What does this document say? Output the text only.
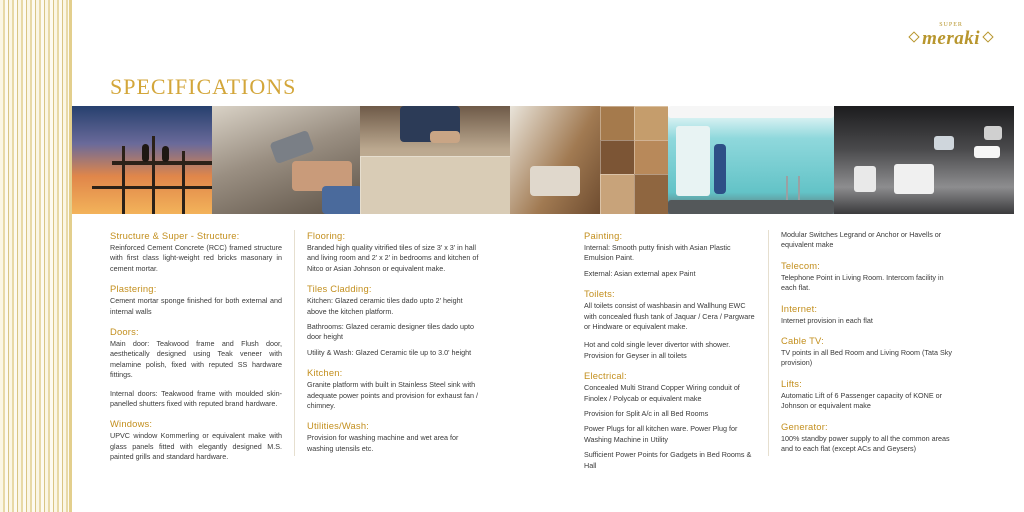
SUPER
meraki
SPECIFICATIONS
Structure & Super - Structure:

Reinforced Cement Concrete (RCC) framed structure with first class light-weight red bricks masonary in cement mortar.

Plastering:

Cement mortar sponge finished for both external and internal walls

Doors:

Main door: Teakwood frame and Flush door, aesthetically designed using Teak veneer with melamine polish, fixed with reputed SS hardware fittings.

Internal doors: Teakwood frame with moulded skin-panelled shutters fixed with reputed brand hardware.

Windows:

UPVC window Kommerling or equivalent make with glass panels fitted with elegantly designed M.S. painted grills and standard hardware.

Flooring:

Branded high quality vitrified tiles of size 3' x 3' in hall and living room and 2' x 2' in bedrooms and kitchen of Nitco or Asian Johnson or equivalent make.

Tiles Cladding:

Kitchen: Glazed ceramic tiles dado upto 2' height above the kitchen platform.

Bathrooms: Glazed ceramic designer tiles dado upto door height

Utility & Wash: Glazed Ceramic tile up to 3.0' height

Kitchen:

Granite platform with built in Stainless Steel sink with adequate power points and provision for exhaust fan / chimney.

Utilities/Wash:

Provision for washing machine and wet area for washing utensils etc.

Painting:

Internal: Smooth putty finish with Asian Plastic Emulsion Paint.

External: Asian external apex Paint

Toilets:

All toilets consist of washbasin and Wallhung EWC with concealed flush tank of Jaquar / Cera / Pargware or Hindware or equivalent make.

Hot and cold single lever divertor with shower. Provision for Geyser in all toilets

Electrical:

Concealed Multi Strand Copper Wiring conduit of Finolex / Polycab or equivalent make

Provision for Split A/c in all Bed Rooms

Power Plugs for all kitchen ware. Power Plug for Washing Machine in Utility

Sufficient Power Points for Gadgets in Bed Rooms & Hall

Modular Switches Legrand or Anchor or Havells or equivalent make

Telecom:

Telephone Point in Living Room. Intercom facility in each flat.

Internet:

Internet provision in each flat

Cable TV:

TV points in all Bed Room and Living Room (Tata Sky provision)

Lifts:

Automatic Lift of 6 Passenger capacity of KONE or Johnson or equivalent make

Generator:

100% standby power supply to all the common areas and to each flat (except ACs and Geysers)
